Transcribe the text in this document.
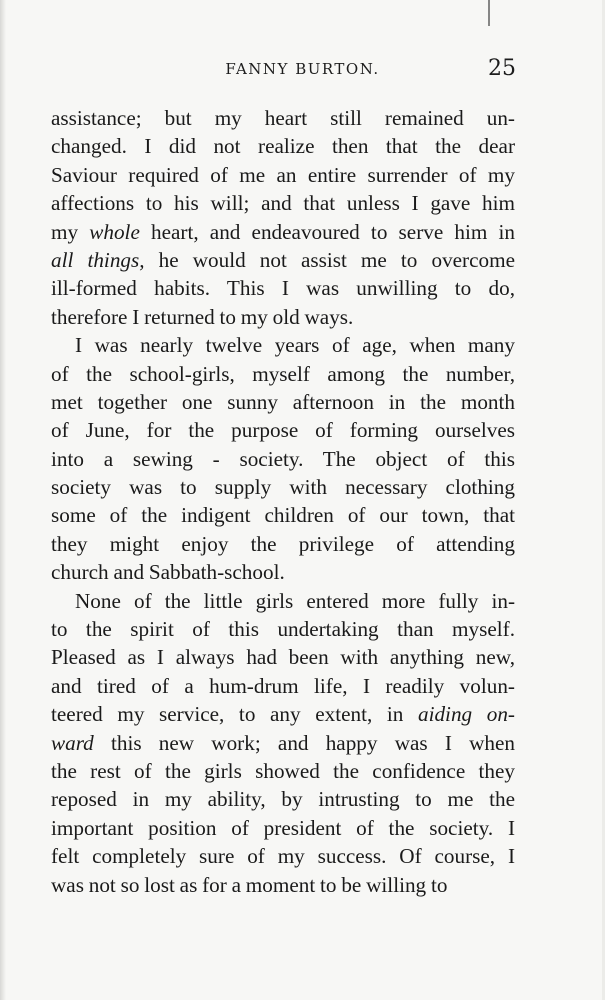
FANNY BURTON.	25
assistance; but my heart still remained un-
changed. I did not realize then that the dear
Saviour required of me an entire surrender of my
affections to his will; and that unless I gave him
my whole heart, and endeavoured to serve him in
all things, he would not assist me to overcome
ill-formed habits. This I was unwilling to do,
therefore I returned to my old ways.
I was nearly twelve years of age, when many
of the school-girls, myself among the number,
met together one sunny afternoon in the month
of June, for the purpose of forming ourselves
into a sewing - society. The object of this
society was to supply with necessary clothing
some of the indigent children of our town, that
they might enjoy the privilege of attending
church and Sabbath-school.
None of the little girls entered more fully in-
to the spirit of this undertaking than myself.
Pleased as I always had been with anything new,
and tired of a hum-drum life, I readily volun-
teered my service, to any extent, in aiding on-
ward this new work; and happy was I when
the rest of the girls showed the confidence they
reposed in my ability, by intrusting to me the
important position of president of the society. I
felt completely sure of my success. Of course, I
was not so lost as for a moment to be willing to
